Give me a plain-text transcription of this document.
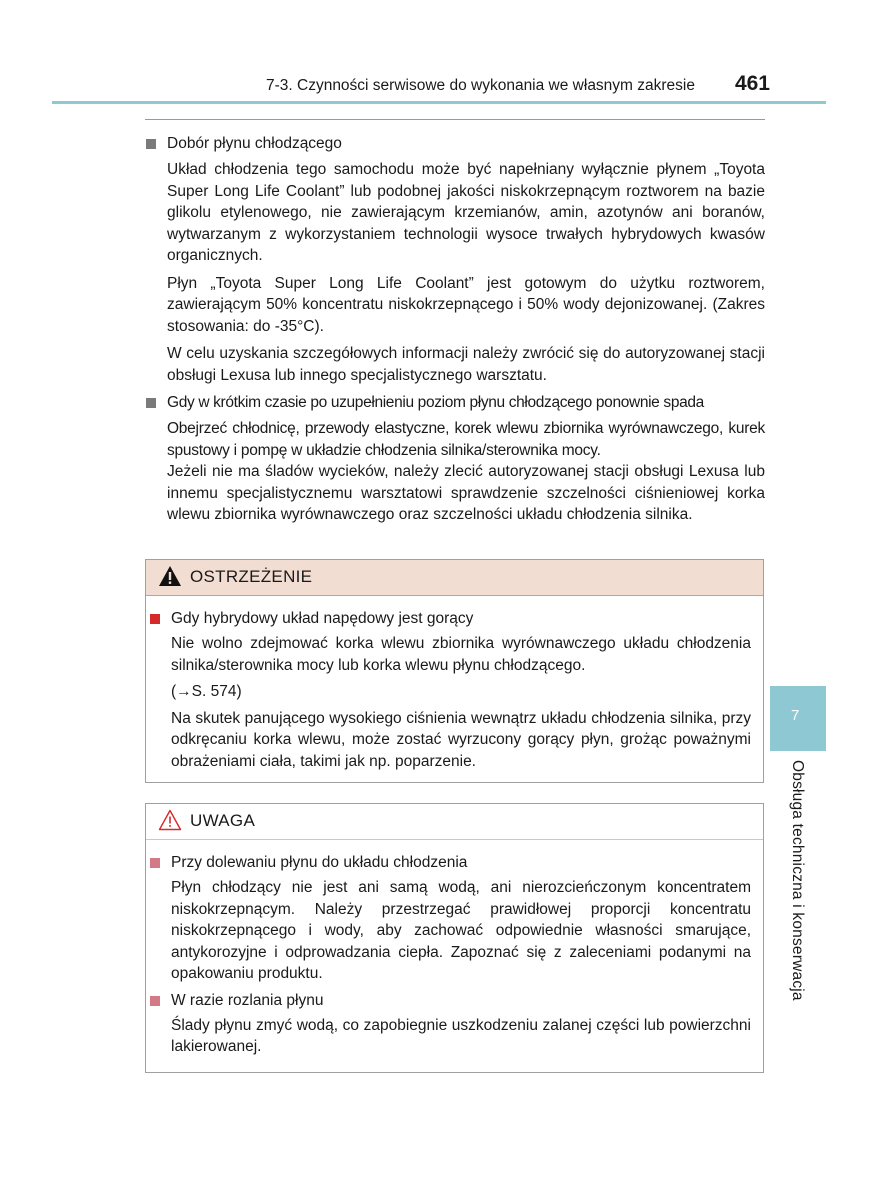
7-3. Czynności serwisowe do wykonania we własnym zakresie 461
Dobór płynu chłodzącego

Układ chłodzenia tego samochodu może być napełniany wyłącznie płynem „Toyota Super Long Life Coolant” lub podobnej jakości niskokrzepnącym roztworem na bazie glikolu etylenowego, nie zawierającym krzemianów, amin, azotynów ani boranów, wytwarzanym z wykorzystaniem technologii wysoce trwałych hybrydowych kwasów organicznych.

Płyn „Toyota Super Long Life Coolant” jest gotowym do użytku roztworem, zawierającym 50% koncentratu niskokrzepnącego i 50% wody dejonizowanej. (Zakres stosowania: do -35°C).

W celu uzyskania szczegółowych informacji należy zwrócić się do autoryzowanej stacji obsługi Lexusa lub innego specjalistycznego warsztatu.

Gdy w krótkim czasie po uzupełnieniu poziom płynu chłodzącego ponownie spada

Obejrzeć chłodnicę, przewody elastyczne, korek wlewu zbiornika wyrównawczego, kurek spustowy i pompę w układzie chłodzenia silnika/sterownika mocy.

Jeżeli nie ma śladów wycieków, należy zlecić autoryzowanej stacji obsługi Lexusa lub innemu specjalistycznemu warsztatowi sprawdzenie szczelności ciśnieniowej korka wlewu zbiornika wyrównawczego oraz szczelności układu chłodzenia silnika.

OSTRZEŻENIE
Gdy hybrydowy układ napędowy jest gorący

Nie wolno zdejmować korka wlewu zbiornika wyrównawczego układu chłodzenia silnika/sterownika mocy lub korka wlewu płynu chłodzącego.

(→S. 574)

Na skutek panującego wysokiego ciśnienia wewnątrz układu chłodzenia silnika, przy odkręcaniu korka wlewu, może zostać wyrzucony gorący płyn, grożąc poważnymi obrażeniami ciała, takimi jak np. poparzenie.

UWAGA
Przy dolewaniu płynu do układu chłodzenia

Płyn chłodzący nie jest ani samą wodą, ani nierozcieńczonym koncentratem niskokrzepnącym. Należy przestrzegać prawidłowej proporcji koncentratu niskokrzepnącego i wody, aby zachować odpowiednie własności smarujące, antykorozyjne i odprowadzania ciepła. Zapoznać się z zaleceniami podanymi na opakowaniu produktu.

W razie rozlania płynu

Ślady płynu zmyć wodą, co zapobiegnie uszkodzeniu zalanej części lub powierzchni lakierowanej.

7
Obsługa techniczna i konserwacja
